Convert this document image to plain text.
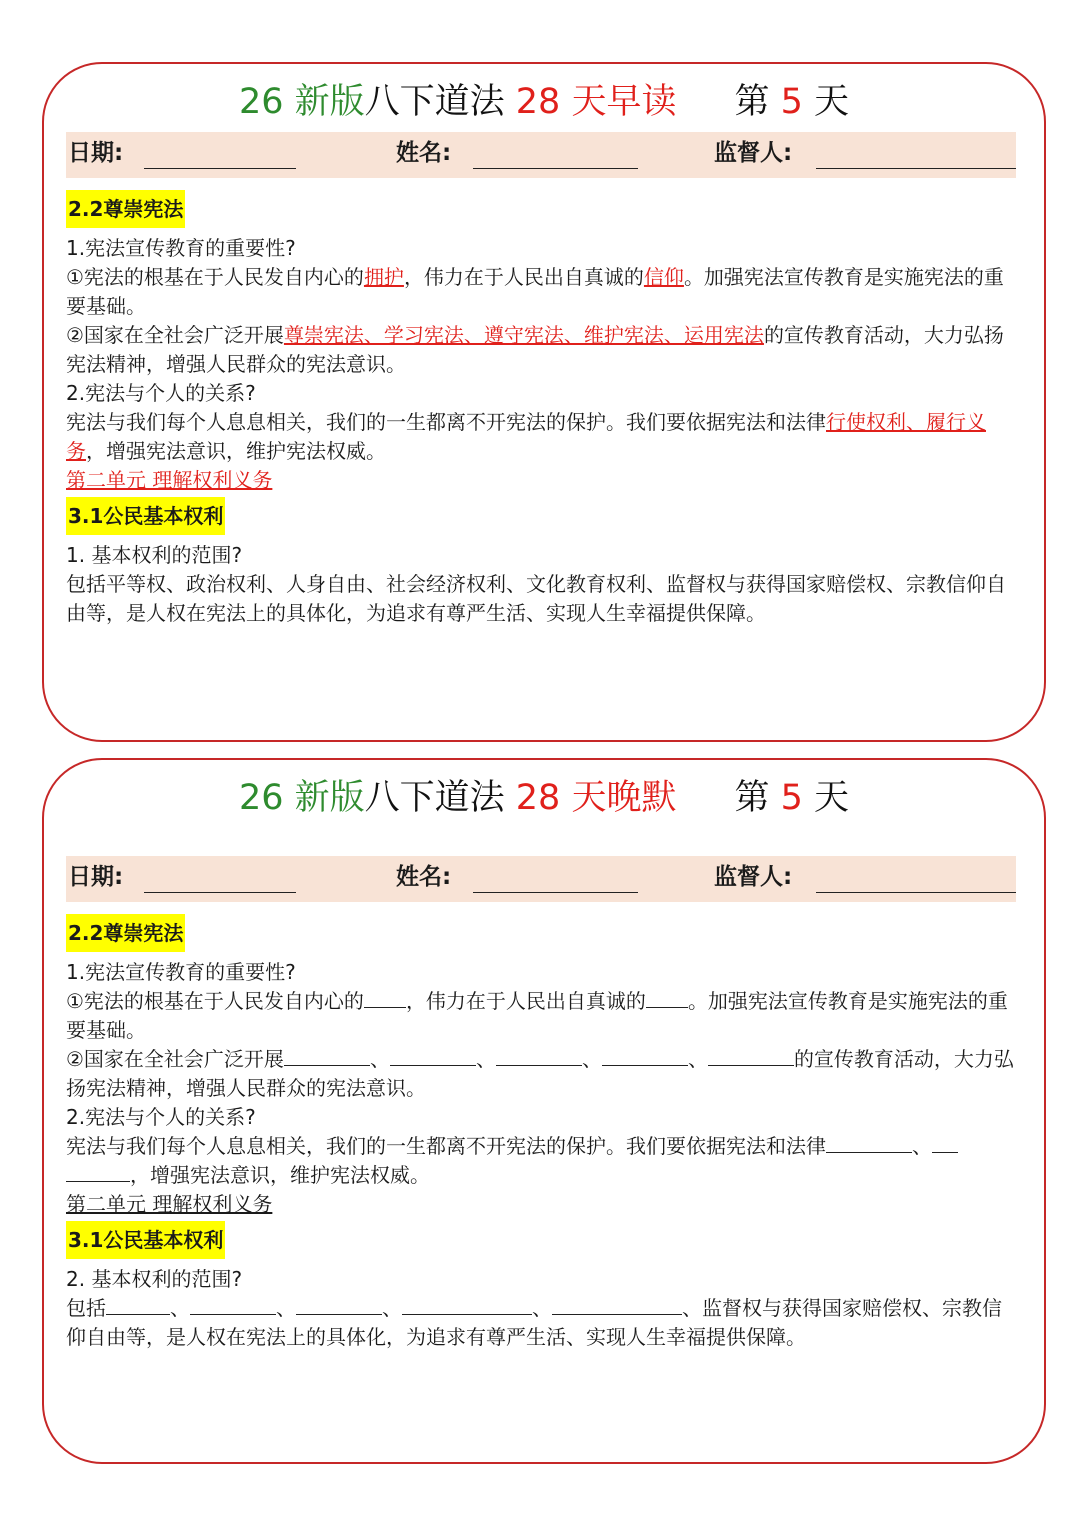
26 新版八下道法 28 天早读 第 5 天
日期:	姓名:	监督人:

2.2尊崇宪法

1.宪法宣传教育的重要性?

①宪法的根基在于人民发自内心的拥护，伟力在于人民出自真诚的信仰。加强宪法宣传教育是实施宪法的重要基础。

②国家在全社会广泛开展尊崇宪法、学习宪法、遵守宪法、维护宪法、运用宪法的宣传教育活动，大力弘扬宪法精神，增强人民群众的宪法意识。

2.宪法与个人的关系?

宪法与我们每个人息息相关，我们的一生都离不开宪法的保护。我们要依据宪法和法律行使权利、履行义务，增强宪法意识，维护宪法权威。

第二单元 理解权利义务

3.1公民基本权利

1. 基本权利的范围?

包括平等权、政治权利、人身自由、社会经济权利、文化教育权利、监督权与获得国家赔偿权、宗教信仰自由等，是人权在宪法上的具体化，为追求有尊严生活、实现人生幸福提供保障。

26 新版八下道法 28 天晚默 第 5 天
日期:	姓名:	监督人:

2.2尊崇宪法

1.宪法宣传教育的重要性?

①宪法的根基在于人民发自内心的 ，伟力在于人民出自真诚的 。加强宪法宣传教育是实施宪法的重要基础。

②国家在全社会广泛开展	、	、	、	、	的宣传教育活动，大力弘扬宪法精神，增强人民群众的宪法意识。

2.宪法与个人的关系?

宪法与我们每个人息息相关，我们的一生都离不开宪法的保护。我们要依据宪法和法律	、，增强宪法意识，维护宪法权威。

第二单元 理解权利义务

3.1公民基本权利

2. 基本权利的范围?

包括	、	、	、	、	、监督权与获得国家赔偿权、宗教信仰自由等，是人权在宪法上的具体化，为追求有尊严生活、实现人生幸福提供保障。
